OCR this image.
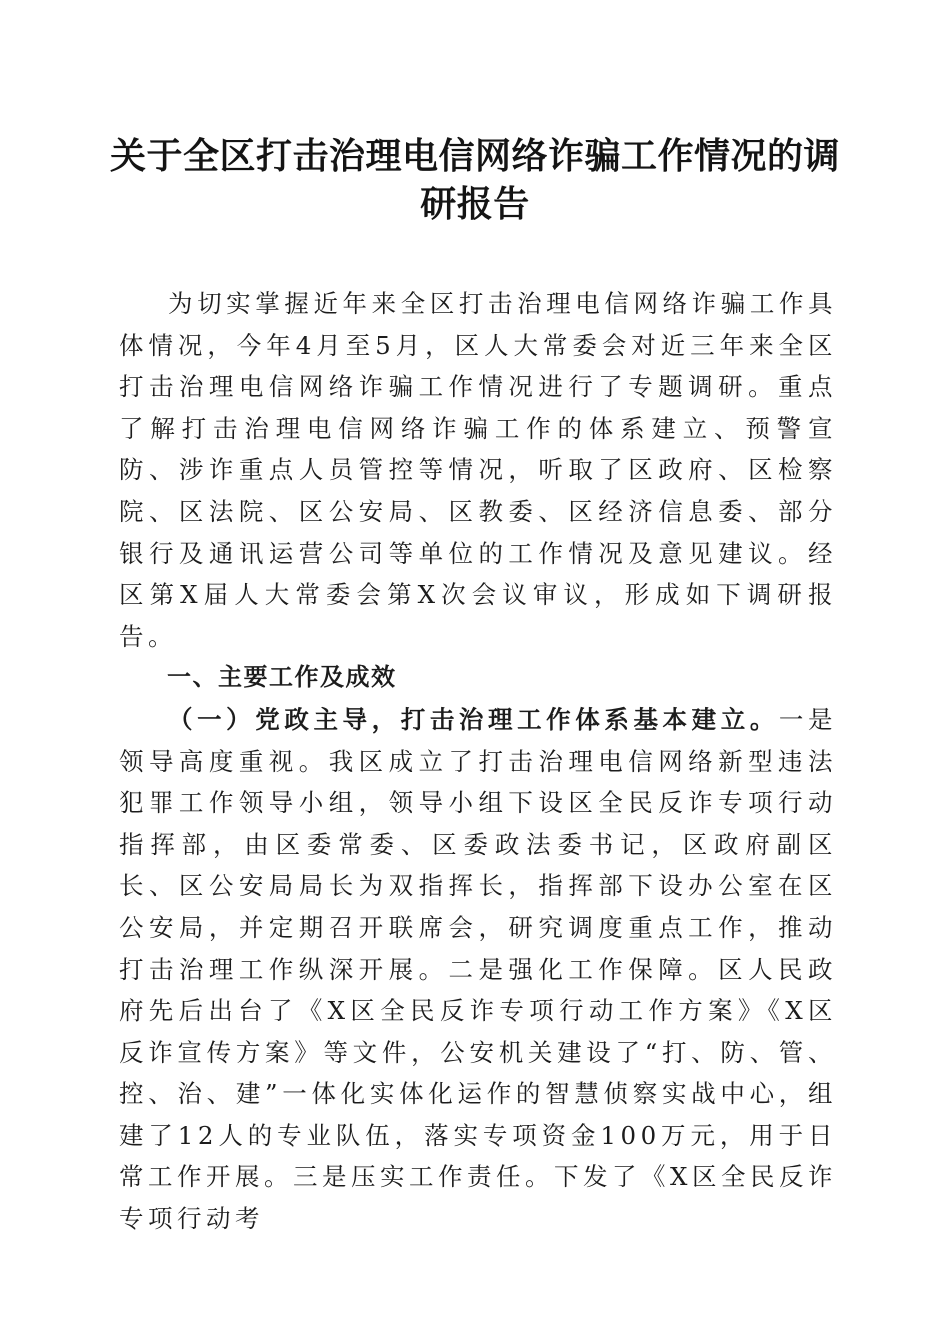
关于全区打击治理电信网络诈骗工作情况的调研报告

为切实掌握近年来全区打击治理电信网络诈骗工作具体情况，今年4月至5月，区人大常委会对近三年来全区打击治理电信网络诈骗工作情况进行了专题调研。重点了解打击治理电信网络诈骗工作的体系建立、预警宣防、涉诈重点人员管控等情况，听取了区政府、区检察院、区法院、区公安局、区教委、区经济信息委、部分银行及通讯运营公司等单位的工作情况及意见建议。经区第X届人大常委会第X次会议审议，形成如下调研报告。

一、主要工作及成效

（一）党政主导，打击治理工作体系基本建立。一是领导高度重视。我区成立了打击治理电信网络新型违法犯罪工作领导小组，领导小组下设区全民反诈专项行动指挥部，由区委常委、区委政法委书记，区政府副区长、区公安局局长为双指挥长，指挥部下设办公室在区公安局，并定期召开联席会，研究调度重点工作，推动打击治理工作纵深开展。二是强化工作保障。区人民政府先后出台了《X区全民反诈专项行动工作方案》《X区反诈宣传方案》等文件，公安机关建设了“打、防、管、控、治、建”一体化实体化运作的智慧侦察实战中心，组建了12人的专业队伍，落实专项资金100万元，用于日常工作开展。三是压实工作责任。下发了《X区全民反诈专项行动考
